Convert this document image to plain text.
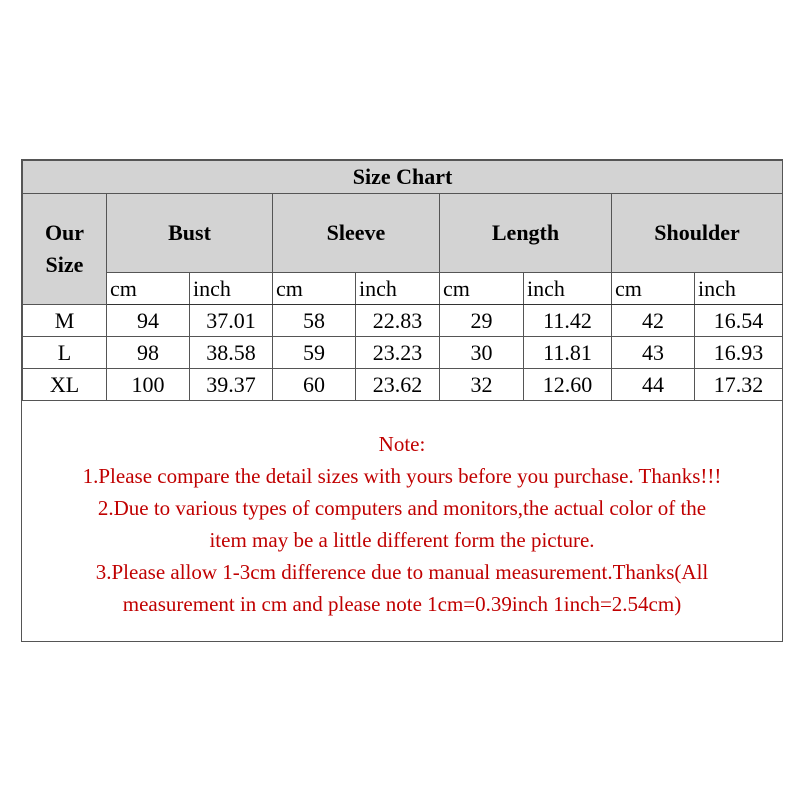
Size Chart								
Our
Size	Bust		Sleeve		Length		Shoulder	
	cm	inch	cm	inch	cm	inch	cm	inch
M	94	37.01	58	22.83	29	11.42	42	16.54
L	98	38.58	59	23.23	30	11.81	43	16.93
XL	100	39.37	60	23.62	32	12.60	44	17.32
Note:
1.Please compare the detail sizes with yours before you purchase. Thanks!!!
2.Due to various types of computers and monitors,the actual color of the
item may be a little different form the picture.
3.Please allow 1-3cm difference due to manual measurement.Thanks(All
measurement in cm and please note 1cm=0.39inch 1inch=2.54cm)
